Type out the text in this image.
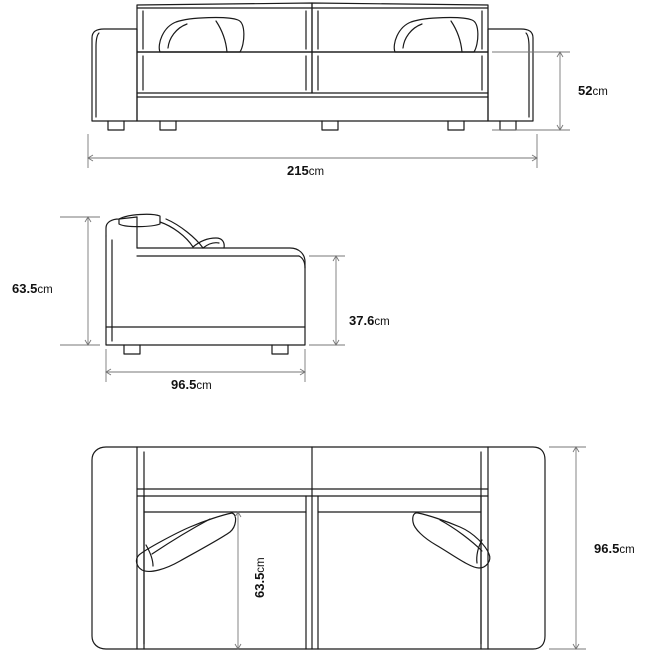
52cm
215cm
63.5cm
37.6cm
96.5cm
96.5cm
63.5cm
